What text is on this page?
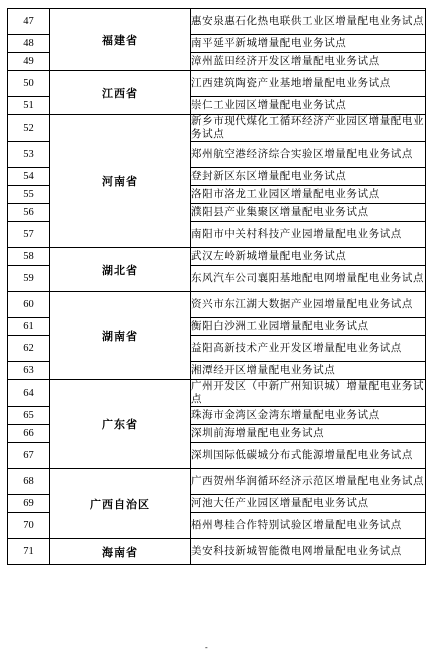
47	福建省	惠安泉惠石化热电联供工业区增量配电业务试点
48		南平延平新城增量配电业务试点
49		漳州蓝田经济开发区增量配电业务试点
50	江西省	江西建筑陶瓷产业基地增量配电业务试点
51		崇仁工业园区增量配电业务试点
52	河南省	新乡市现代煤化工循环经济产业园区增量配电业务试点
53		郑州航空港经济综合实验区增量配电业务试点
54		登封新区东区增量配电业务试点
55		洛阳市洛龙工业园区增量配电业务试点
56		濮阳县产业集聚区增量配电业务试点
57		南阳市中关村科技产业园增量配电业务试点
58	湖北省	武汉左岭新城增量配电业务试点
59		东风汽车公司襄阳基地配电网增量配电业务试点
60	湖南省	资兴市东江湖大数据产业园增量配电业务试点
61		衡阳白沙洲工业园增量配电业务试点
62		益阳高新技术产业开发区增量配电业务试点
63		湘潭经开区增量配电业务试点
64	广东省	广州开发区（中新广州知识城）增量配电业务试点
65		珠海市金湾区金湾东增量配电业务试点
66		深圳前海增量配电业务试点
67		深圳国际低碳城分布式能源增量配电业务试点
68	广西自治区	广西贺州华润循环经济示范区增量配电业务试点
69		河池大任产业园区增量配电业务试点
70		梧州粤桂合作特别试验区增量配电业务试点
71	海南省	美安科技新城智能微电网增量配电业务试点
-
